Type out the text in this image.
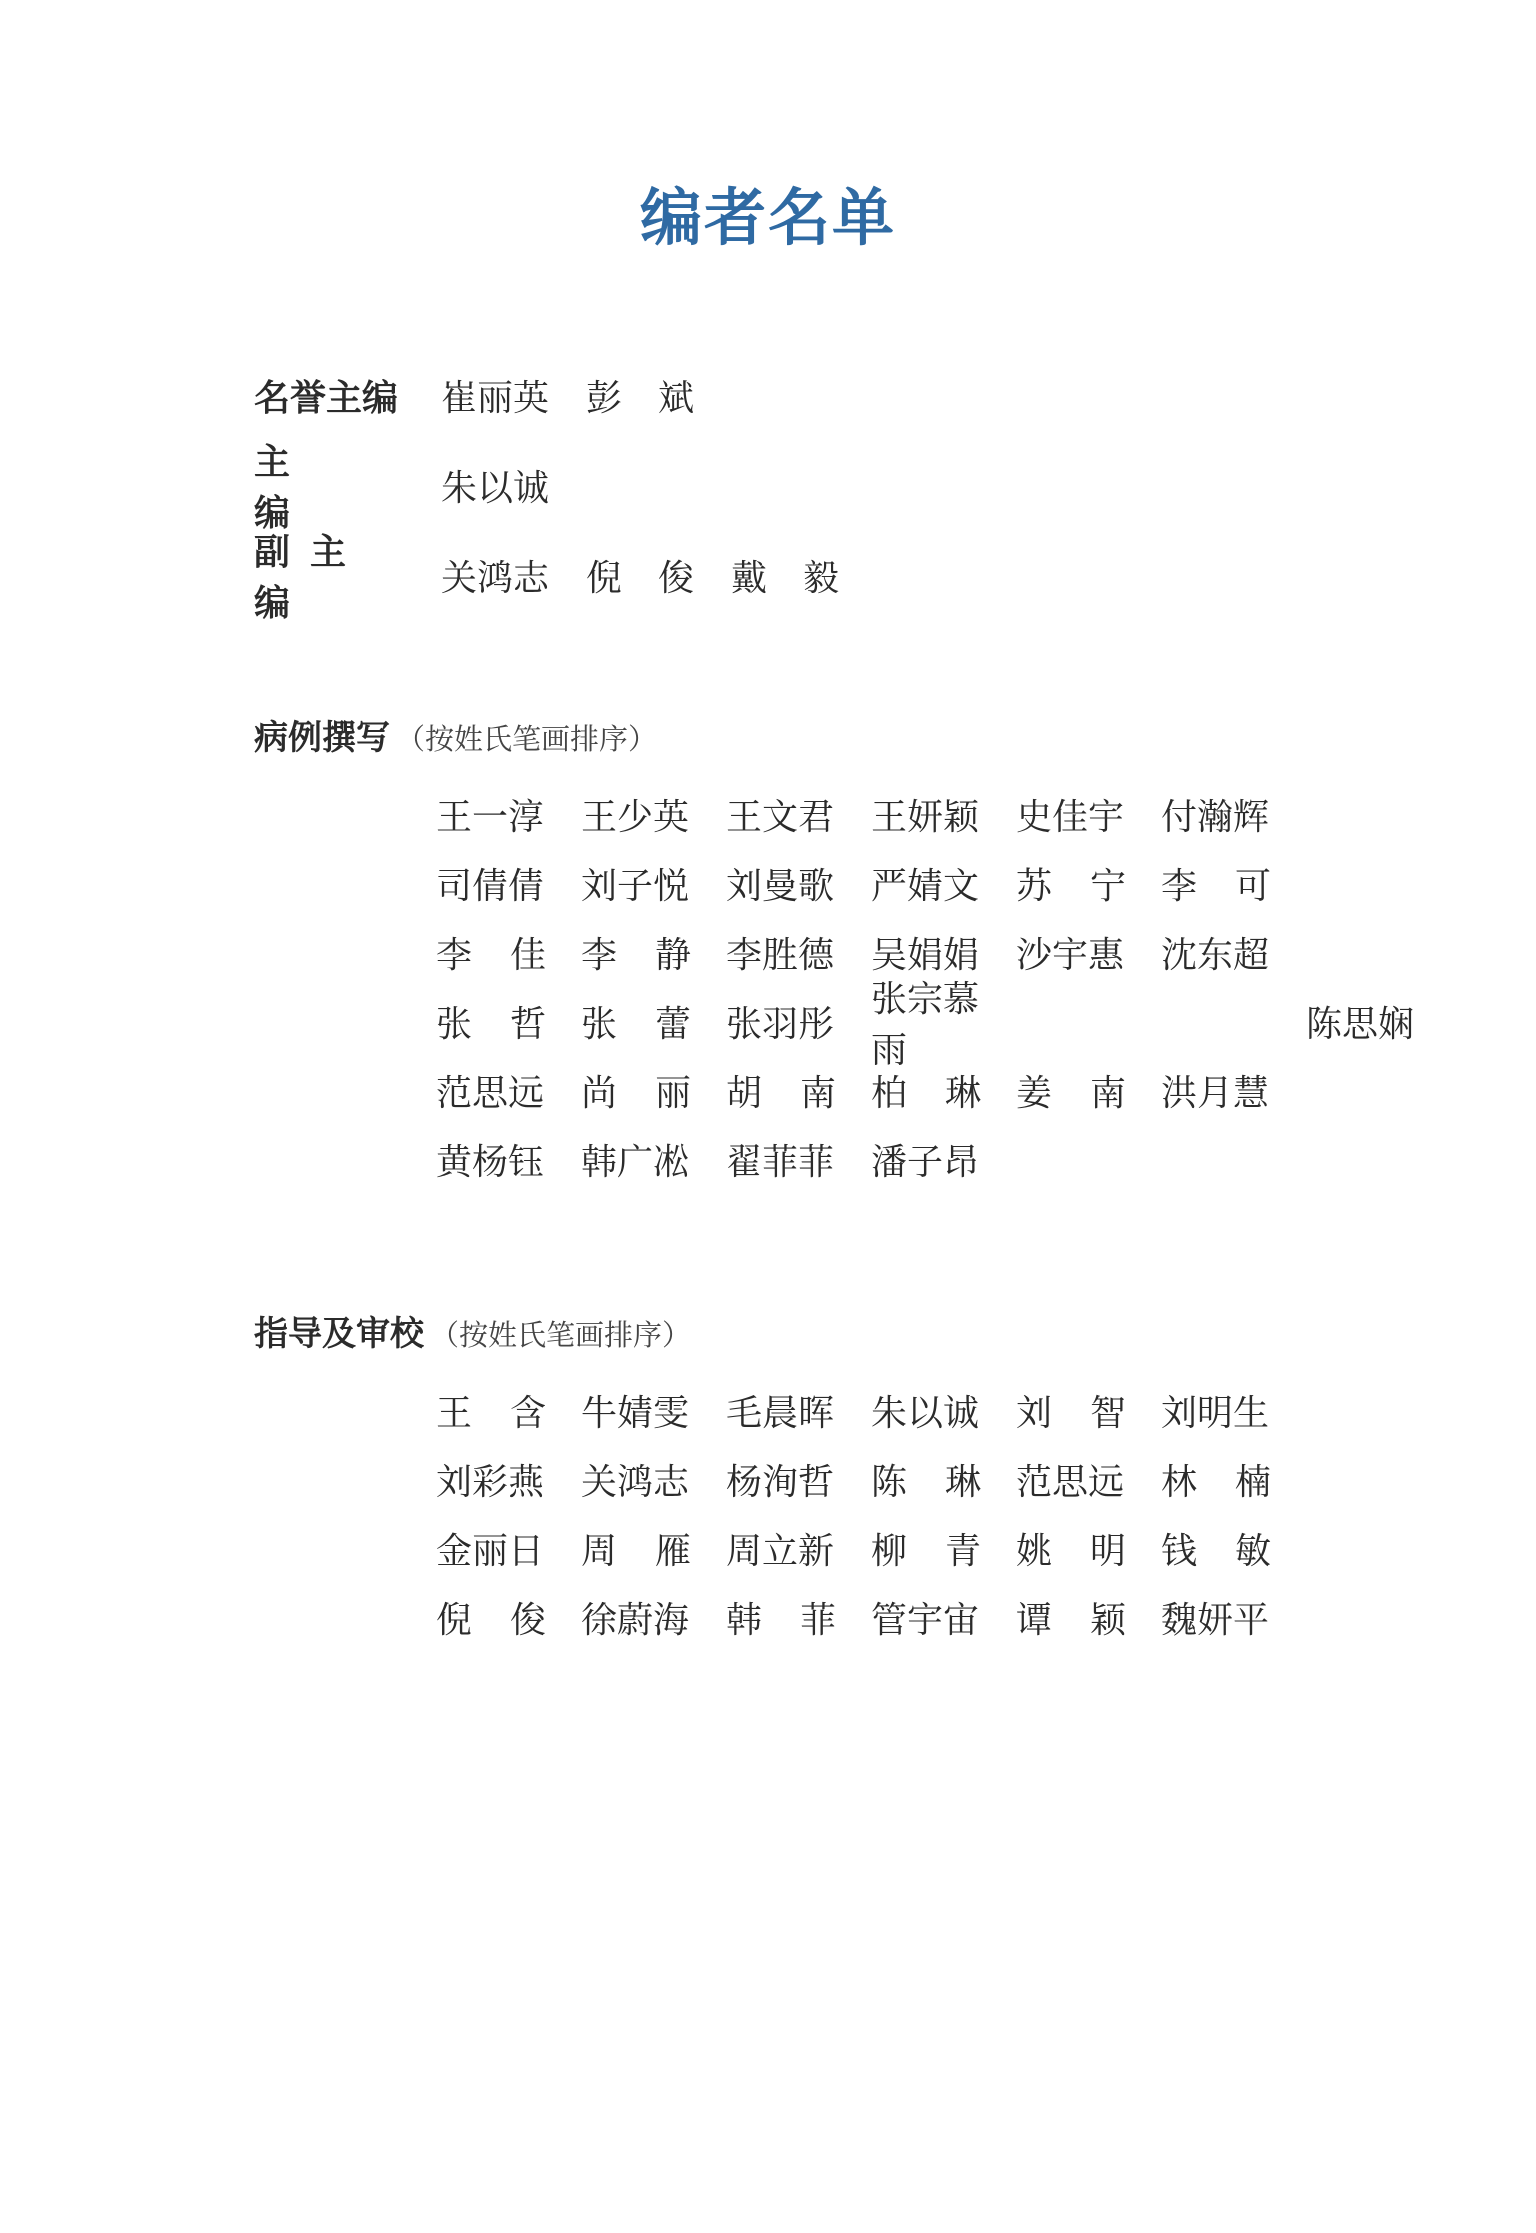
编者名单
名誉主编	崔丽英 彭斌
主编
朱以诚
副主编
关鸿志 倪俊 戴毅
病例撰写 （按姓氏笔画排序）
王一淳 王少英 王文君 王妍颖 史佳宇 付瀚辉
司倩倩 刘子悦 刘曼歌 严婧文 苏 宁 李 可
李 佳 李 静 李胜德 吴娟娟 沙宇惠 沈东超
张 哲 张 蕾 张羽彤
张宗慕雨
陈思娴
范思远 尚 丽 胡 南 柏 琳 姜 南 洪月慧
黄杨钰 韩广凇 翟菲菲 潘子昂
指导及审校 （按姓氏笔画排序）
王 含 牛婧雯 毛晨晖 朱以诚 刘 智 刘明生
刘彩燕 关鸿志 杨洵哲 陈 琳 范思远 林 楠
金丽日 周 雁 周立新 柳 青 姚 明 钱 敏
倪 俊 徐蔚海 韩 菲 管宇宙 谭 颖 魏妍平
